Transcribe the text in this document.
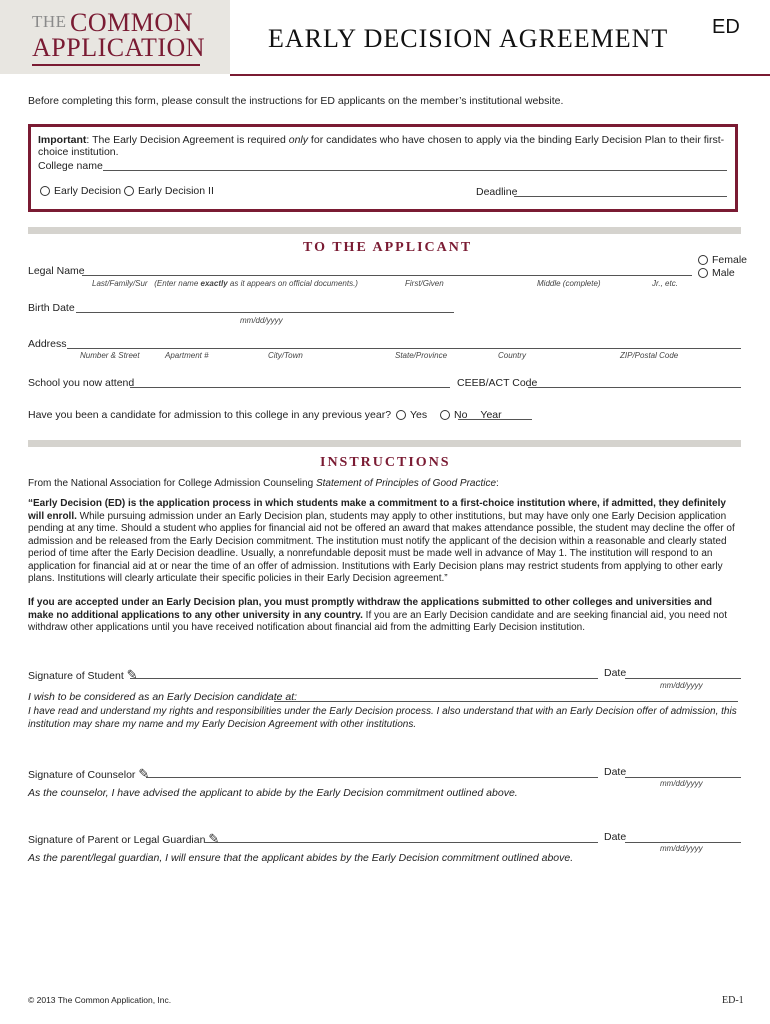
THE COMMON
APPLICATION EARLY DECISION AGREEMENT ED
Before completing this form, please consult the instructions for ED applicants on the member’s institutional website.
Important: The Early Decision Agreement is required only for candidates who have chosen to apply via the binding Early Decision Plan to their first-choice institution.
College name
Early Decision	Early Decision II	Deadline
TO THE APPLICANT
Female
Male
Legal Name
Last/Family/Sur (Enter name exactly as it appears on official documents.)	First/Given	Middle (complete)	Jr., etc.
Birth Date
mm/dd/yyyy
Address
Number & Street	Apartment #	City/Town	State/Province	Country	ZIP/Postal Code
School you now attend	CEEB/ACT Code
Have you been a candidate for admission to this college in any previous year? Yes	No Year
INSTRUCTIONS
From the National Association for College Admission Counseling Statement of Principles of Good Practice:
“Early Decision (ED) is the application process in which students make a commitment to a first-choice institution where, if admitted, they definitely will enroll. While pursuing admission under an Early Decision plan, students may apply to other institutions, but may have only one Early Decision application pending at any time. Should a student who applies for financial aid not be offered an award that makes attendance possible, the student may decline the offer of admission and be released from the Early Decision commitment. The institution must notify the applicant of the decision within a reasonable and clearly stated period of time after the Early Decision deadline. Usually, a nonrefundable deposit must be made well in advance of May 1. The institution will respond to an application for financial aid at or near the time of an offer of admission. Institutions with Early Decision plans may restrict students from applying to other early plans. Institutions will clearly articulate their specific policies in their Early Decision agreement.”
If you are accepted under an Early Decision plan, you must promptly withdraw the applications submitted to other colleges and universities and make no additional applications to any other university in any country. If you are an Early Decision candidate and are seeking financial aid, you need not withdraw other applications until you have received notification about financial aid from the admitting Early Decision institution.
Signature of Student ✎	Date
mm/dd/yyyy
I wish to be considered as an Early Decision candidate at:
I have read and understand my rights and responsibilities under the Early Decision process. I also understand that with an Early Decision offer of admission, this institution may share my name and my Early Decision Agreement with other institutions.
Signature of Counselor ✎	Date
mm/dd/yyyy
As the counselor, I have advised the applicant to abide by the Early Decision commitment outlined above.
Signature of Parent or Legal Guardian ✎	Date
mm/dd/yyyy
As the parent/legal guardian, I will ensure that the applicant abides by the Early Decision commitment outlined above.
© 2013 The Common Application, Inc.	ED-1
